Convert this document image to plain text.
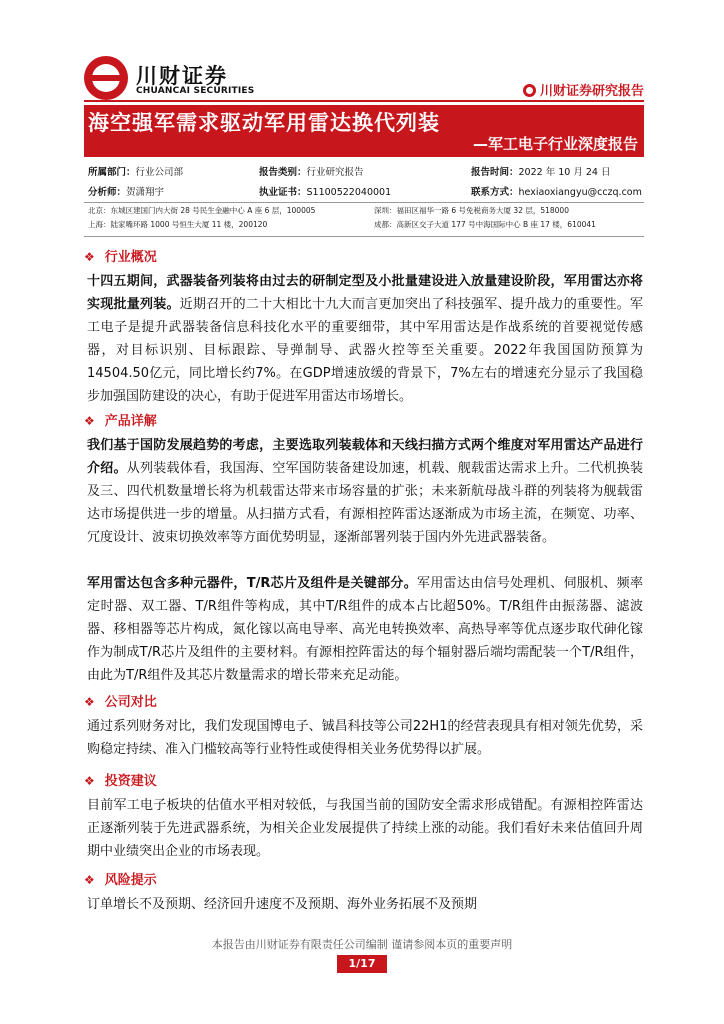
川财证券
CHUANCAI SECURITIES	川财证券研究报告
海空强军需求驱动军用雷达换代列装
—军工电子行业深度报告
所属部门：行业公司部	报告类别：行业研究报告	报告时间：2022 年 10 月 24 日
分析师：贺潇翔宇	执业证书：S1100522040001	联系方式：hexiaoxiangyu@cczq.com
北京：东城区建国门内大街 28 号民生金融中心 A 座 6 层，100005	深圳：福田区福华一路 6 号免税商务大厦 32 层，518000
上海：陆家嘴环路 1000 号恒生大厦 11 楼，200120	成都：高新区交子大道 177 号中海国际中心 B 座 17 楼，610041
❖ 行业概况
十四五期间，武器装备列装将由过去的研制定型及小批量建设进入放量建设阶段，军用雷达亦将实现批量列装。近期召开的二十大相比十九大而言更加突出了科技强军、提升战力的重要性。军工电子是提升武器装备信息科技化水平的重要细带，其中军用雷达是作战系统的首要视觉传感器，对目标识别、目标跟踪、导弹制导、武器火控等至关重要。2022年我国国防预算为14504.50亿元，同比增长约7%。在GDP增速放缓的背景下，7%左右的增速充分显示了我国稳步加强国防建设的决心，有助于促进军用雷达市场增长。
❖ 产品详解
我们基于国防发展趋势的考虑，主要选取列装载体和天线扫描方式两个维度对军用雷达产品进行介绍。从列装载体看，我国海、空军国防装备建设加速，机载、舰载雷达需求上升。二代机换装及三、四代机数量增长将为机载雷达带来市场容量的扩张；未来新航母战斗群的列装将为舰载雷达市场提供进一步的增量。从扫描方式看，有源相控阵雷达逐渐成为市场主流，在频宽、功率、冗度设计、波束切换效率等方面优势明显，逐渐部署列装于国内外先进武器装备。
军用雷达包含多种元器件，T/R芯片及组件是关键部分。军用雷达由信号处理机、伺服机、频率定时器、双工器、T/R组件等构成，其中T/R组件的成本占比超50%。T/R组件由振荡器、滤波器、移相器等芯片构成，氮化镓以高电导率、高光电转换效率、高热导率等优点逐步取代砷化镓作为制成T/R芯片及组件的主要材料。有源相控阵雷达的每个辐射器后端均需配装一个T/R组件，由此为T/R组件及其芯片数量需求的增长带来充足动能。
❖ 公司对比
通过系列财务对比，我们发现国博电子、铖昌科技等公司22H1的经营表现具有相对领先优势，采购稳定持续、准入门槛较高等行业特性或使得相关业务优势得以扩展。
❖ 投资建议
目前军工电子板块的估值水平相对较低，与我国当前的国防安全需求形成错配。有源相控阵雷达正逐渐列装于先进武器系统，为相关企业发展提供了持续上涨的动能。我们看好未来估值回升周期中业绩突出企业的市场表现。
❖ 风险提示
订单增长不及预期、经济回升速度不及预期、海外业务拓展不及预期
本报告由川财证券有限责任公司编制 谨请参阅本页的重要声明
1/17
